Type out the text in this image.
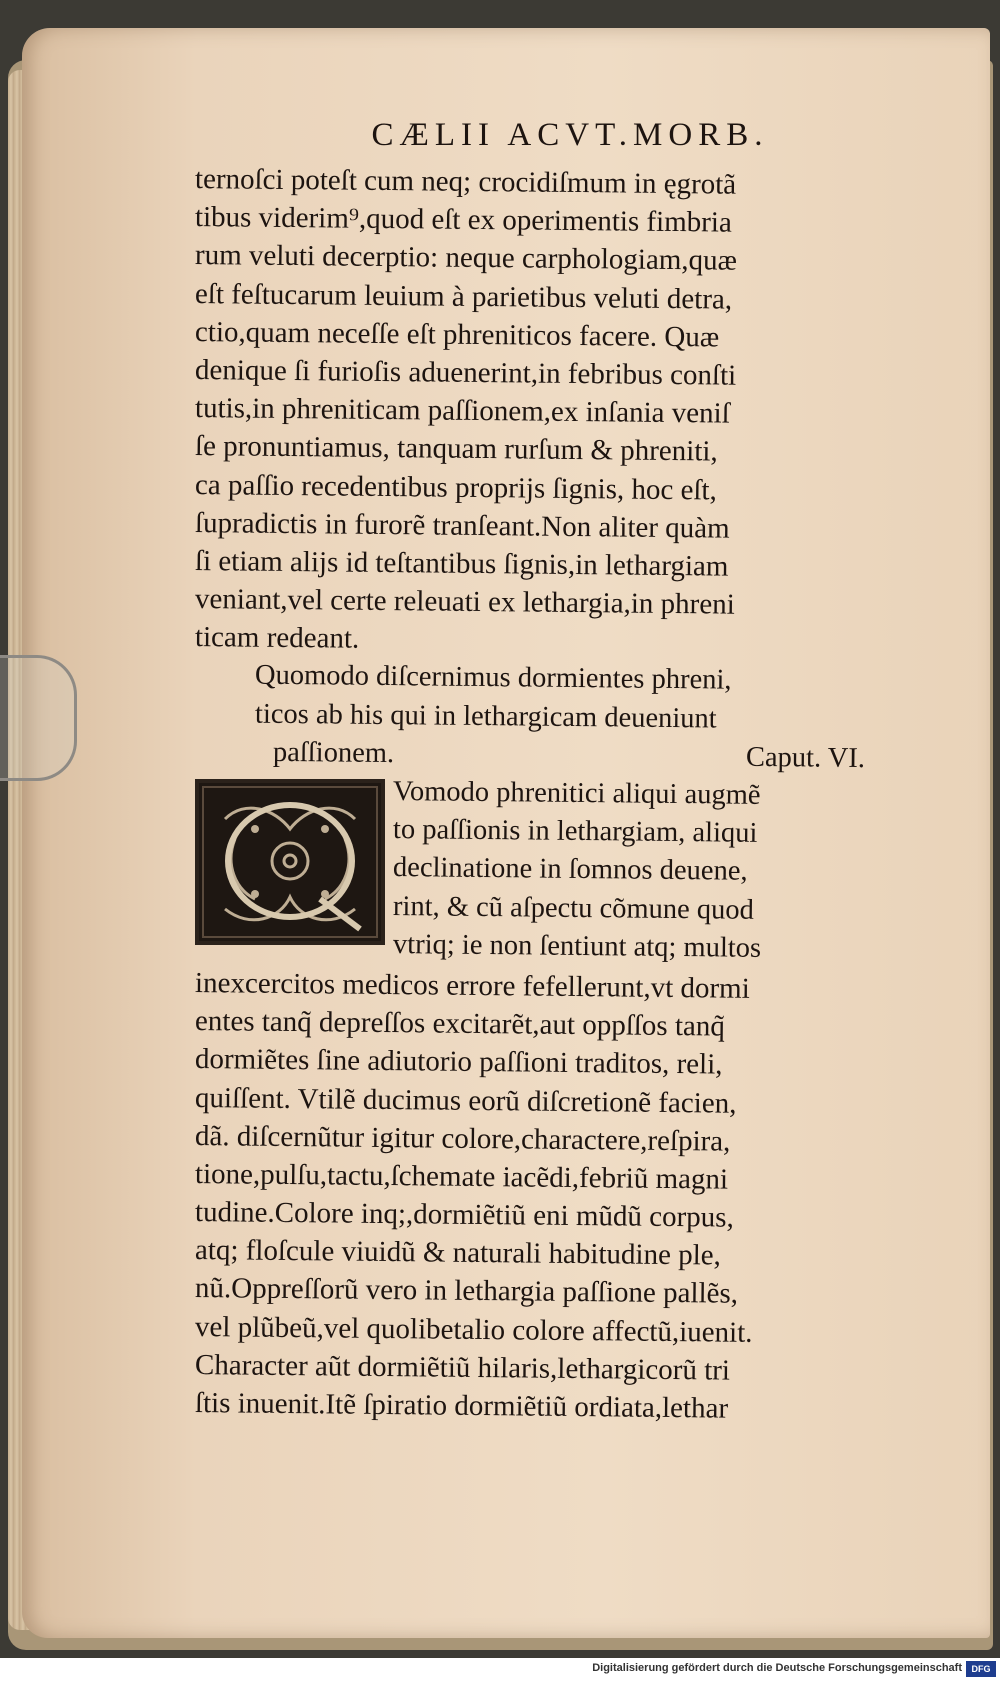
CÆLII ACVT.MORB.
ternoſci poteſt cum neq; crocidiſmum in ęgrotã
tibus viderim⁹,quod eſt ex operimentis fimbria
rum veluti decerptio: neque carphologiam,quæ
eſt feſtucarum leuium à parietibus veluti detra,
ctio,quam neceſſe eſt phreniticos facere. Quæ
denique ſi furioſis aduenerint,in febribus conſti
tutis,in phreniticam paſſionem,ex inſania veniſ
ſe pronuntiamus, tanquam rurſum & phreniti,
ca paſſio recedentibus proprijs ſignis, hoc eſt,
ſupradictis in furorẽ tranſeant.Non aliter quàm
ſi etiam alijs id teſtantibus ſignis,in lethargiam
veniant,vel certe releuati ex lethargia,in phreni
ticam redeant.
Quomodo diſcernimus dormientes phreni,
ticos ab his qui in lethargicam deueniunt
paſſionem.	Caput. VI.
Vomodo phrenitici aliqui augmẽ
to paſſionis in lethargiam, aliqui
declinatione in ſomnos deuene,
rint, & cũ aſpectu cõmune quod
vtriq; ie non ſentiunt atq; multos
inexcercitos medicos errore fefellerunt,vt dormi
entes tanq̃ depreſſos excitarẽt,aut oppſſos tanq̃
dormiẽtes ſine adiutorio paſſioni traditos, reli,
quiſſent. Vtilẽ ducimus eorũ diſcretionẽ facien,
dã. diſcernũtur igitur colore,charactere,reſpira,
tione,pulſu,tactu,ſchemate iacẽdi,febriũ magni
tudine.Colore inq;,dormiẽtiũ eni mũdũ corpus,
atq; floſcule viuidũ & naturali habitudine ple,
nũ.Oppreſſorũ vero in lethargia paſſione pallẽs,
vel plũbeũ,vel quolibetalio colore affectũ,iuenit.
Character aũt dormiẽtiũ hilaris,lethargicorũ tri
ſtis inuenit.Itẽ ſpiratio dormiẽtiũ ordiata,lethar
Digitalisierung gefördert durch die Deutsche Forschungsgemeinschaft	DFG
